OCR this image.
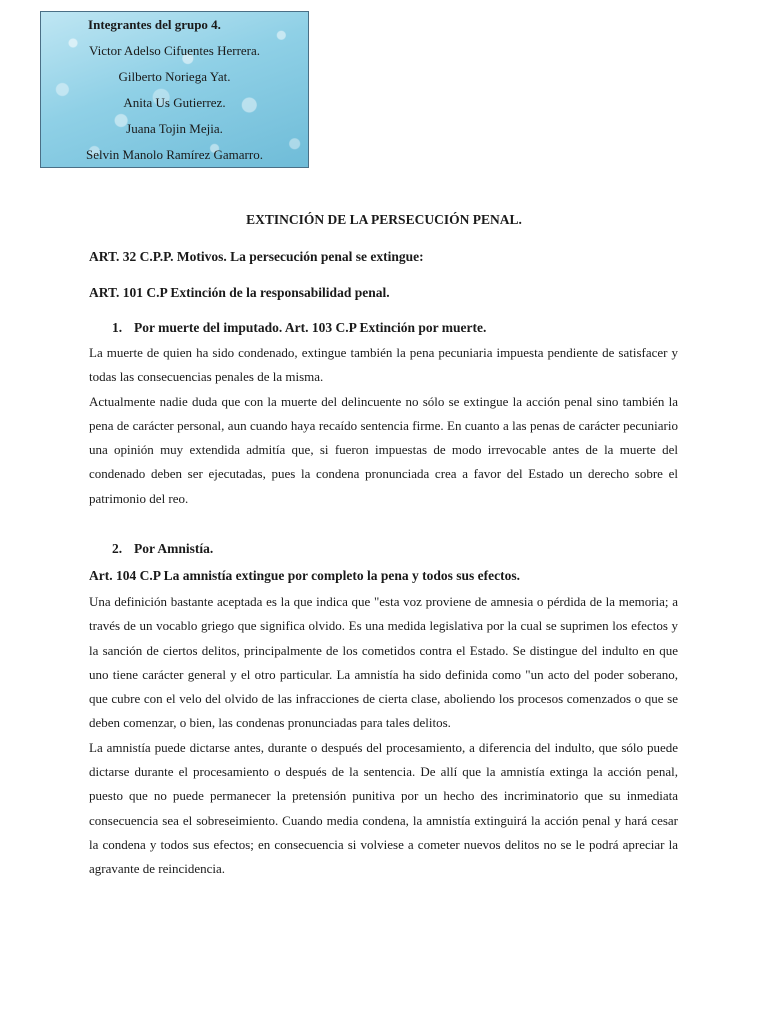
Integrantes del grupo 4.
Victor Adelso Cifuentes Herrera.
Gilberto Noriega Yat.
Anita Us Gutierrez.
Juana Tojin Mejia.
Selvin Manolo Ramírez Gamarro.
EXTINCIÓN DE LA PERSECUCIÓN PENAL.
ART. 32 C.P.P. Motivos. La persecución penal se extingue:
ART. 101 C.P Extinción de la responsabilidad penal.
1. Por muerte del imputado. Art. 103 C.P Extinción por muerte.

La muerte de quien ha sido condenado, extingue también la pena pecuniaria impuesta pendiente de satisfacer y todas las consecuencias penales de la misma.

Actualmente nadie duda que con la muerte del delincuente no sólo se extingue la acción penal sino también la pena de carácter personal, aun cuando haya recaído sentencia firme. En cuanto a las penas de carácter pecuniario una opinión muy extendida admitía que, si fueron impuestas de modo irrevocable antes de la muerte del condenado deben ser ejecutadas, pues la condena pronunciada crea a favor del Estado un derecho sobre el patrimonio del reo.

2. Por Amnistía.
Art. 104 C.P La amnistía extingue por completo la pena y todos sus efectos.

Una definición bastante aceptada es la que indica que "esta voz proviene de amnesia o pérdida de la memoria; a través de un vocablo griego que significa olvido. Es una medida legislativa por la cual se suprimen los efectos y la sanción de ciertos delitos, principalmente de los cometidos contra el Estado. Se distingue del indulto en que uno tiene carácter general y el otro particular. La amnistía ha sido definida como "un acto del poder soberano, que cubre con el velo del olvido de las infracciones de cierta clase, aboliendo los procesos comenzados o que se deben comenzar, o bien, las condenas pronunciadas para tales delitos.

La amnistía puede dictarse antes, durante o después del procesamiento, a diferencia del indulto, que sólo puede dictarse durante el procesamiento o después de la sentencia. De allí que la amnistía extinga la acción penal, puesto que no puede permanecer la pretensión punitiva por un hecho des incriminatorio que su inmediata consecuencia sea el sobreseimiento. Cuando media condena, la amnistía extinguirá la acción penal y hará cesar la condena y todos sus efectos; en consecuencia si volviese a cometer nuevos delitos no se le podrá apreciar la agravante de reincidencia.
